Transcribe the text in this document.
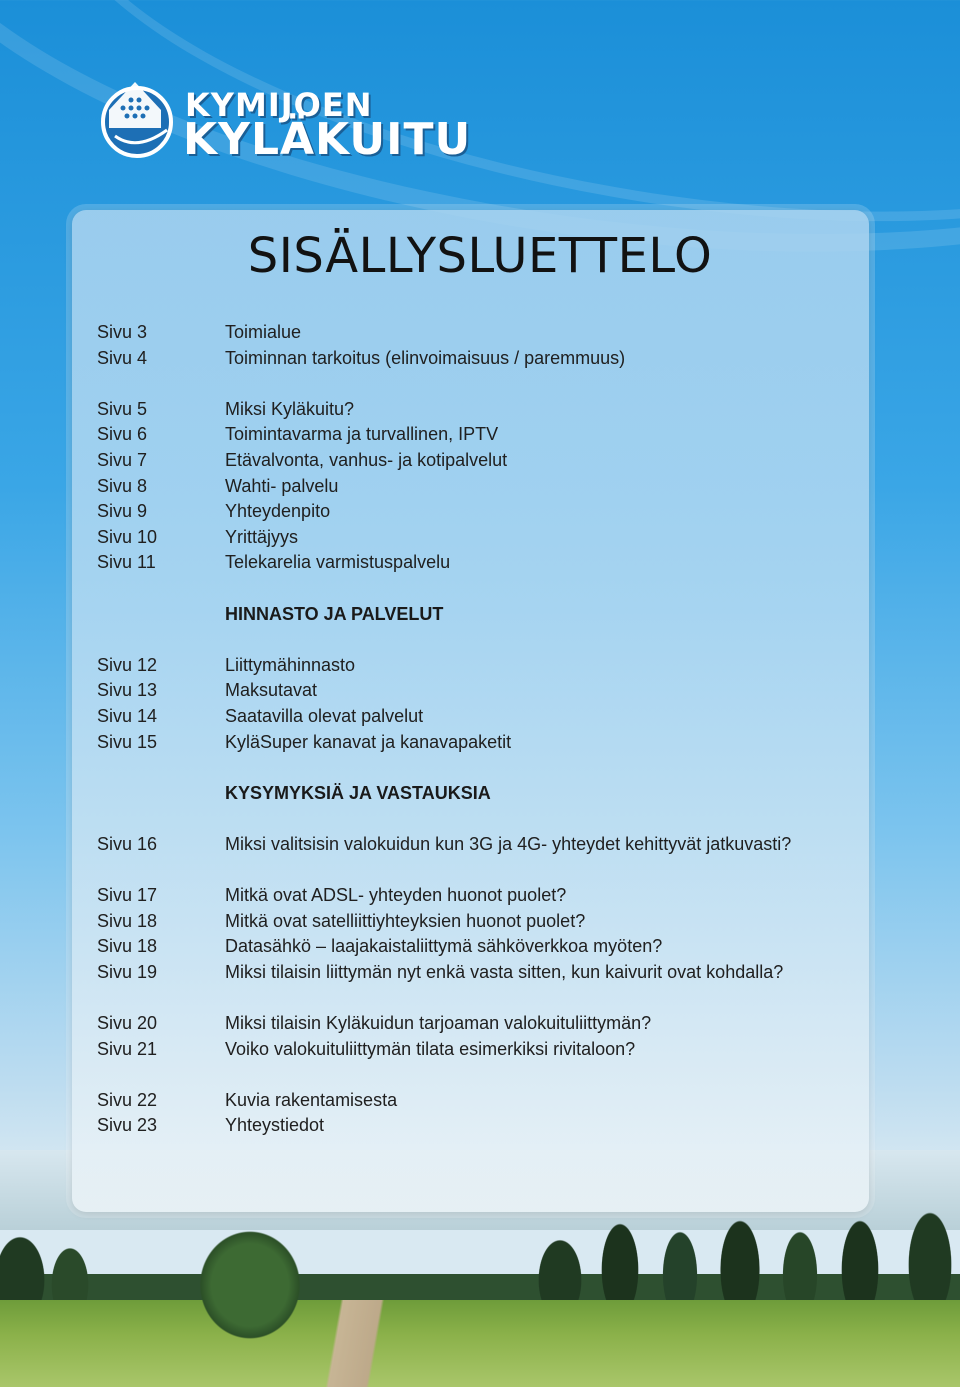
KYMIJOEN
KYLÄKUITU
SISÄLLYSLUETTELO
Sivu 3	Toimialue
Sivu 4	Toiminnan tarkoitus (elinvoimaisuus / paremmuus)
Sivu 5	Miksi Kyläkuitu?
Sivu 6	Toimintavarma ja turvallinen, IPTV
Sivu 7	Etävalvonta, vanhus- ja kotipalvelut
Sivu 8	Wahti- palvelu
Sivu 9	Yhteydenpito
Sivu 10	Yrittäjyys
Sivu 11	Telekarelia varmistuspalvelu
HINNASTO JA PALVELUT
Sivu 12	Liittymähinnasto
Sivu 13	Maksutavat
Sivu 14	Saatavilla olevat palvelut
Sivu 15	KyläSuper kanavat ja kanavapaketit
KYSYMYKSIÄ JA VASTAUKSIA
Sivu 16	Miksi valitsisin valokuidun kun 3G ja 4G- yhteydet kehittyvät jatkuvasti?
Sivu 17	Mitkä ovat ADSL- yhteyden huonot puolet?
Sivu 18	Mitkä ovat satelliittiyhteyksien huonot puolet?
Sivu 18	Datasähkö – laajakaistaliittymä sähköverkkoa myöten?
Sivu 19	Miksi tilaisin liittymän nyt enkä vasta sitten, kun kaivurit ovat kohdalla?
Sivu 20	Miksi tilaisin Kyläkuidun tarjoaman valokuituliittymän?
Sivu 21	Voiko valokuituliittymän tilata esimerkiksi rivitaloon?
Sivu 22	Kuvia rakentamisesta
Sivu 23	Yhteystiedot
